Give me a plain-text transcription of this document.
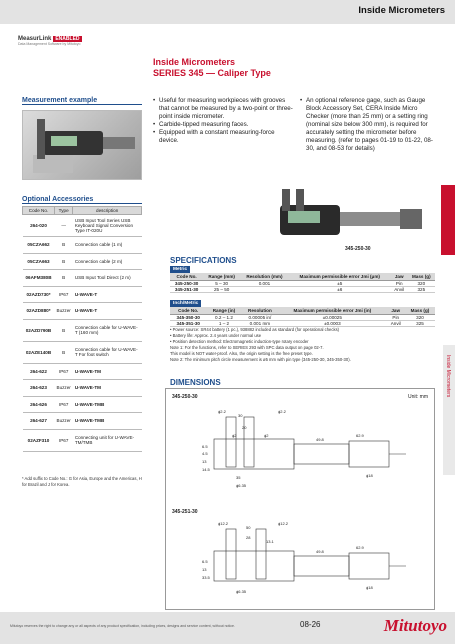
Inside Micrometers
MeasurLink ENABLED
Data Management Software by Mitutoyo
Inside Micrometers
SERIES 345 — Caliper Type
Measurement example	• Useful for measuring workpieces with grooves that cannot be measured by a two-point or three-point inside micrometer.
• Carbide-tipped measuring faces.
• Equipped with a constant measuring-force device.
• An optional reference gage, such as Gauge Block Accessory Set, CERA Inside Micro Checker (more than 25 mm) or a setting ring (nominal size below 300 mm), is required for accurately setting the micrometer before measuring. (refer to pages 01-19 to 01-22, 08-30, and 08-53 for details)
345-250-30
08 Inside Measuring Instruments
Inside Micrometers
Optional Accessories
Code No.	Type	description
264-020	—	USB Input Tool Series USB Keyboard Signal Conversion Type IT-020U
05CZA662	B	Connection cable (1 m)
05CZA663	B	Connection cable (2 m)
06AFM380B	B	USB Input Tool Direct (2 m)
02AZD730*	IP67	U-WAVE-T
02AZD880*	Buzzer	U-WAVE-T
02AZD790B	B	Connection cable for U-WAVE-T (160 mm)
02AZE140B	B	Connection cable for U-WAVE-T For foot switch
264-622	IP67	U-WAVE-TM
264-623	Buzzer	U-WAVE-TM
264-626	IP67	U-WAVE-TMB
264-627	Buzzer	U-WAVE-TMB
02AZF310	IP67	Connecting unit for U-WAVE-TM/TMB
* Add suffix to Code No.: G for Asia, Europe and the Americas, H for Brazil and J for Korea.
SPECIFICATIONS
Metric
Code No.	Range (mm)	Resolution (mm)	Maximum permissible error Jmi (μm)	Jaw	Mass (g)
345-250-30	5 – 30	0.001	±5	Pin	320
345-251-30	25 – 50		±6	Anvil	325
Inch/Metric
Code No.	Range (in)	Resolution	Maximum permissible error Jmi (in)	Jaw	Mass (g)
345-350-30	0.2 – 1.2	0.00005 in/	±0.00025	Pin	320
345-351-30	1 – 2	0.001 mm	±0.0003	Anvil	325
• Power source: SR44 battery (1 pc.), 938882 included as standard (for operational checks)
• Battery life: Approx. 2.4 years under normal use
• Position detection method: Electromagnetic induction-type rotary encoder
Note 1: For the functions, refer to SERIES 293 with SPC data output on page 02-7.
This model is NOT water-proof. Also, the origin setting is the free preset type.
Note 2: The minimum pitch circle measurement is ø5 mm with pin type (345-250-30, 345-350-30).
DIMENSIONS
345-250-30	Unit: mm
ϕ2.2	ϕ2.2
30
20
ϕ2	ϕ2
49.8
62.9
6.5
4.5
13
14.5
35
ϕ6.35
ϕ18
ϕ12.2	ϕ12.2
50
28
13.1
49.8
62.9
6.5
13
33.5
ϕ6.35
ϕ18
345-251-30
Mitutoyo reserves the right to change any or all aspects of any product specification, including prices, designs and service content, without notice.	08-26	Mitutoyo
